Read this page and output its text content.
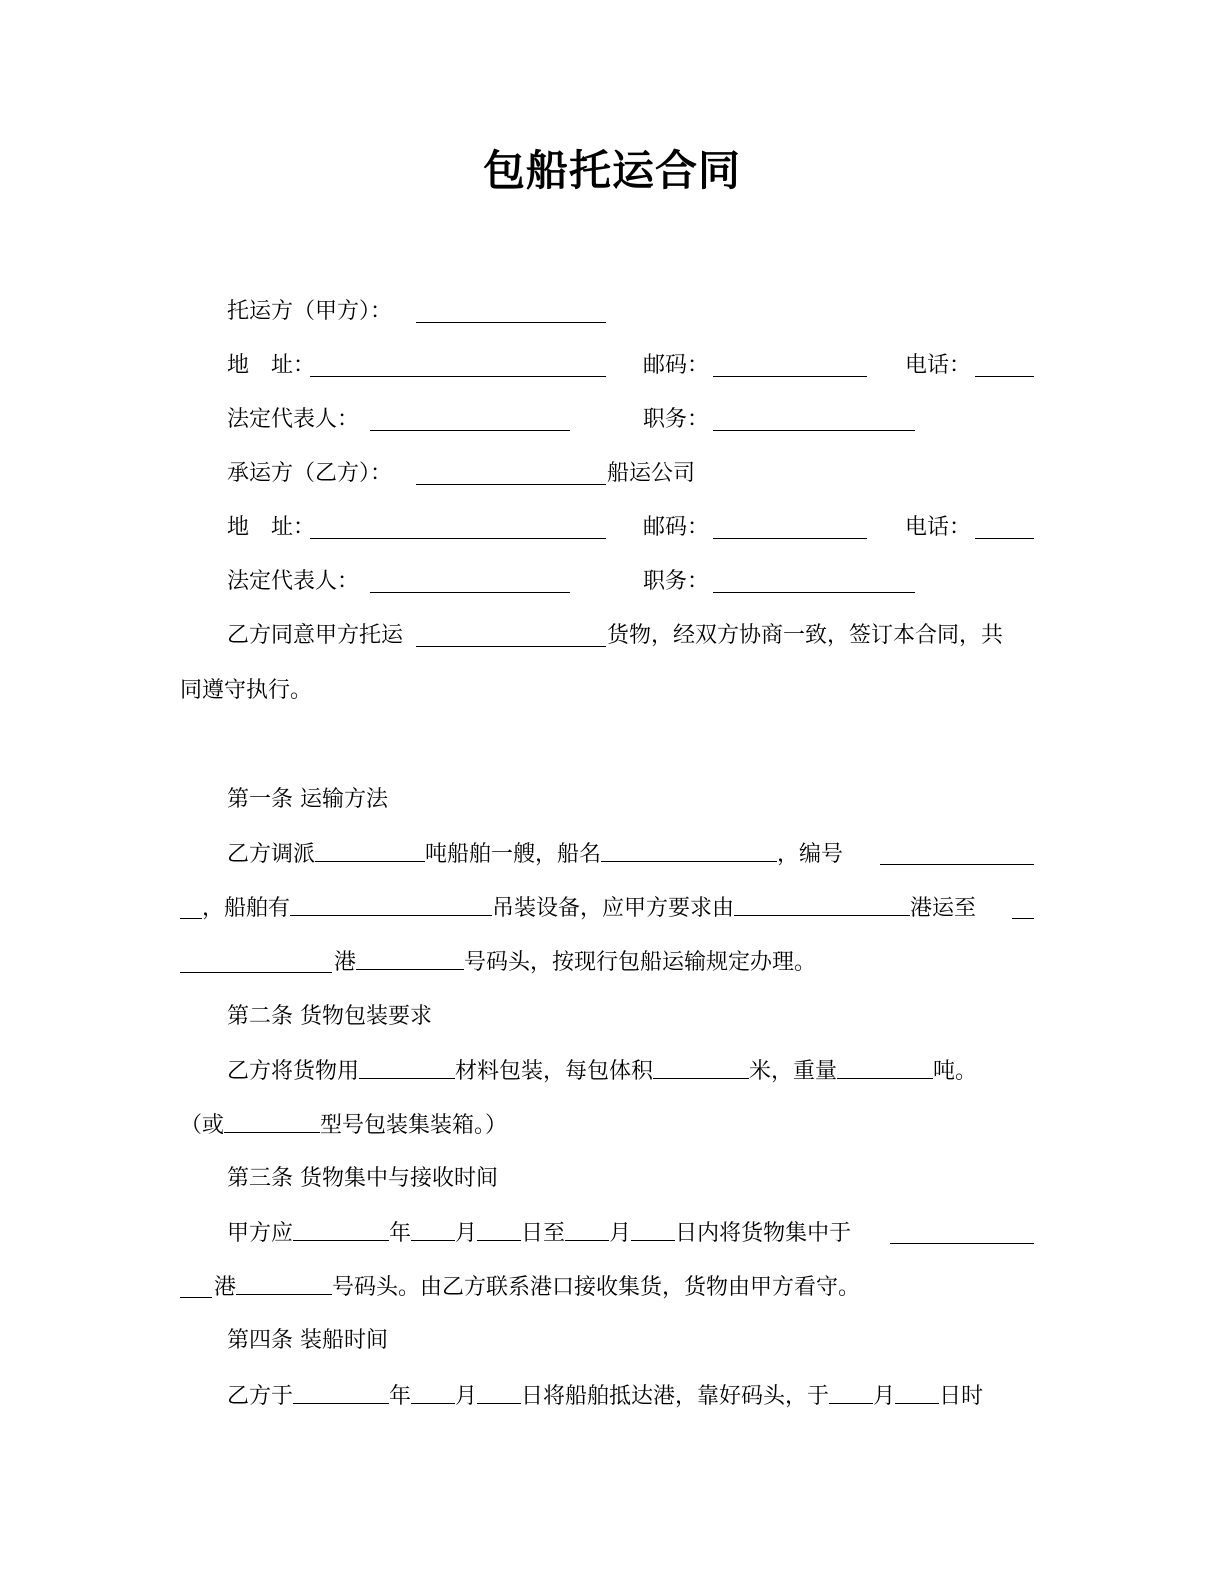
包船托运合同
托运方（甲方）：
地　址：	邮码：	电话：
法定代表人：	职务：
承运方（乙方）：	船运公司
地　址：	邮码：	电话：
法定代表人：	职务：
乙方同意甲方托运	货物，经双方协商一致，签订本合同，共
同遵守执行。
第一条 运输方法
乙方调派	吨船舶一艘，船名	，编号
，船舶有	吊装设备，应甲方要求由	港运至
港	号码头，按现行包船运输规定办理。
第二条 货物包装要求
乙方将货物用	材料包装，每包体积	米，重量	吨。
（或	型号包装集装箱。）
第三条 货物集中与接收时间
甲方应	年 月 日至 月 日内将货物集中于
港	号码头。由乙方联系港口接收集货，货物由甲方看守。
第四条 装船时间
乙方于	年 月 日将船舶抵达港，靠好码头，于 月 日时
